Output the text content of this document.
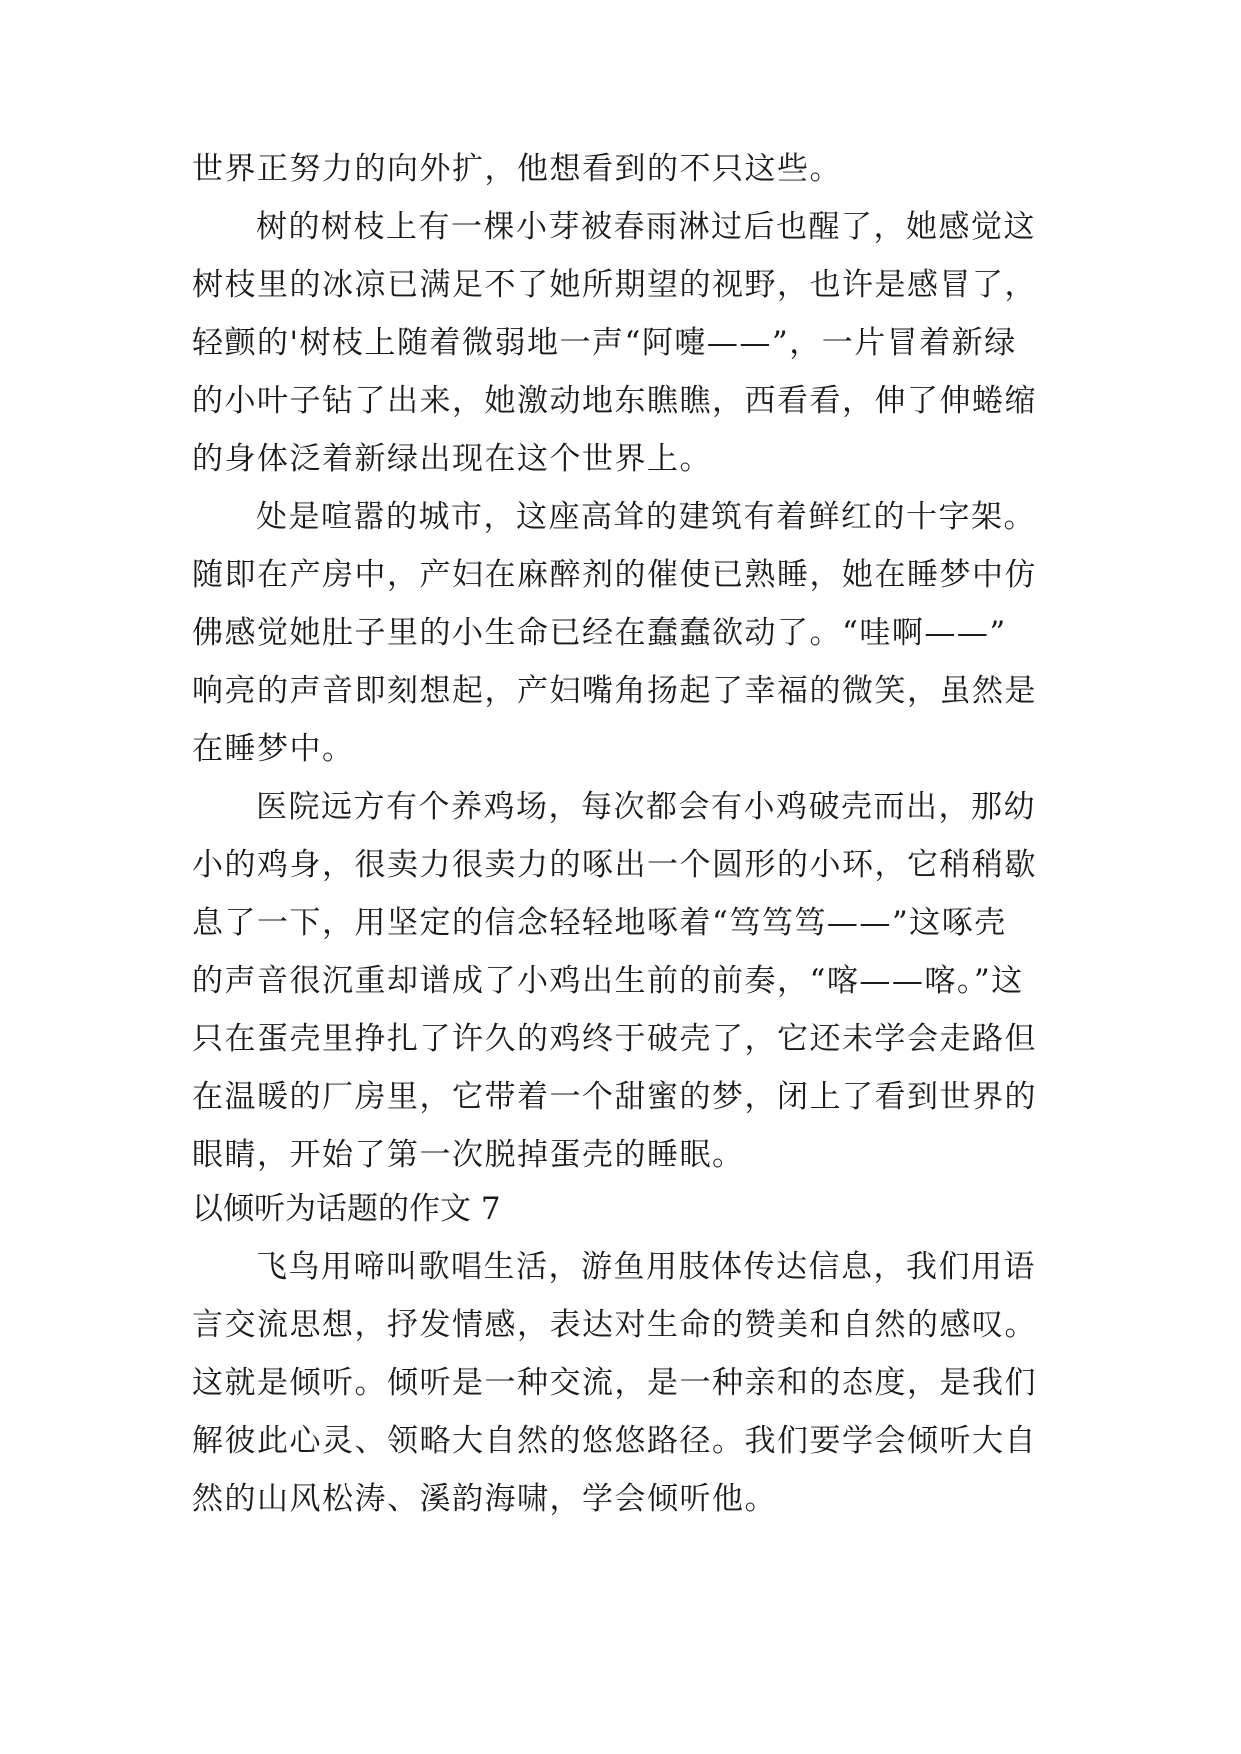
世界正努力的向外扩，他想看到的不只这些。
树的树枝上有一棵小芽被春雨淋过后也醒了，她感觉这
树枝里的冰凉已满足不了她所期望的视野，也许是感冒了，
轻颤的'树枝上随着微弱地一声“阿嚏——”，一片冒着新绿
的小叶子钻了出来，她激动地东瞧瞧，西看看，伸了伸蜷缩
的身体泛着新绿出现在这个世界上。
处是喧嚣的城市，这座高耸的建筑有着鲜红的十字架。
随即在产房中，产妇在麻醉剂的催使已熟睡，她在睡梦中仿
佛感觉她肚子里的小生命已经在蠢蠢欲动了。“哇啊——”
响亮的声音即刻想起，产妇嘴角扬起了幸福的微笑，虽然是
在睡梦中。
医院远方有个养鸡场，每次都会有小鸡破壳而出，那幼
小的鸡身，很卖力很卖力的啄出一个圆形的小环，它稍稍歇
息了一下，用坚定的信念轻轻地啄着“笃笃笃——”这啄壳
的声音很沉重却谱成了小鸡出生前的前奏，“喀——喀。”这
只在蛋壳里挣扎了许久的鸡终于破壳了，它还未学会走路但
在温暖的厂房里，它带着一个甜蜜的梦，闭上了看到世界的
眼睛，开始了第一次脱掉蛋壳的睡眠。
以倾听为话题的作文 7
飞鸟用啼叫歌唱生活，游鱼用肢体传达信息，我们用语
言交流思想，抒发情感，表达对生命的赞美和自然的感叹。
这就是倾听。倾听是一种交流，是一种亲和的态度，是我们
解彼此心灵、领略大自然的悠悠路径。我们要学会倾听大自
然的山风松涛、溪韵海啸，学会倾听他。
